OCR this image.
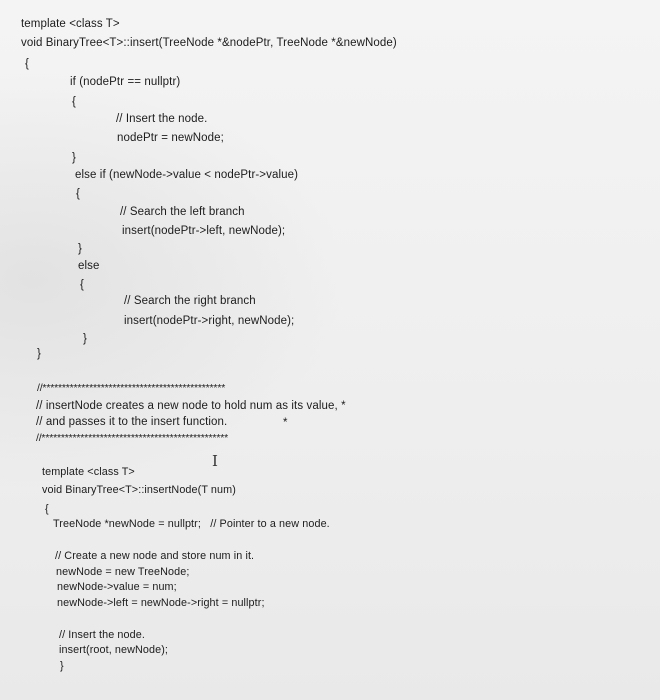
template <class T>
void BinaryTree<T>::insert(TreeNode *&nodePtr, TreeNode *&newNode)
{
if (nodePtr == nullptr)
{
// Insert the node.
nodePtr = newNode;
}
else if (newNode->value < nodePtr->value)
{
// Search the left branch
insert(nodePtr->left, newNode);
}
else
{
// Search the right branch
insert(nodePtr->right, newNode);
}
}
//***********************************************
// insertNode creates a new node to hold num as its value, *
// and passes it to the insert function.	*
//************************************************
I
template <class T>
void BinaryTree<T>::insertNode(T num)
{
TreeNode *newNode = nullptr;   // Pointer to a new node.
// Create a new node and store num in it.
newNode = new TreeNode;
newNode->value = num;
newNode->left = newNode->right = nullptr;
// Insert the node.
insert(root, newNode);
}
